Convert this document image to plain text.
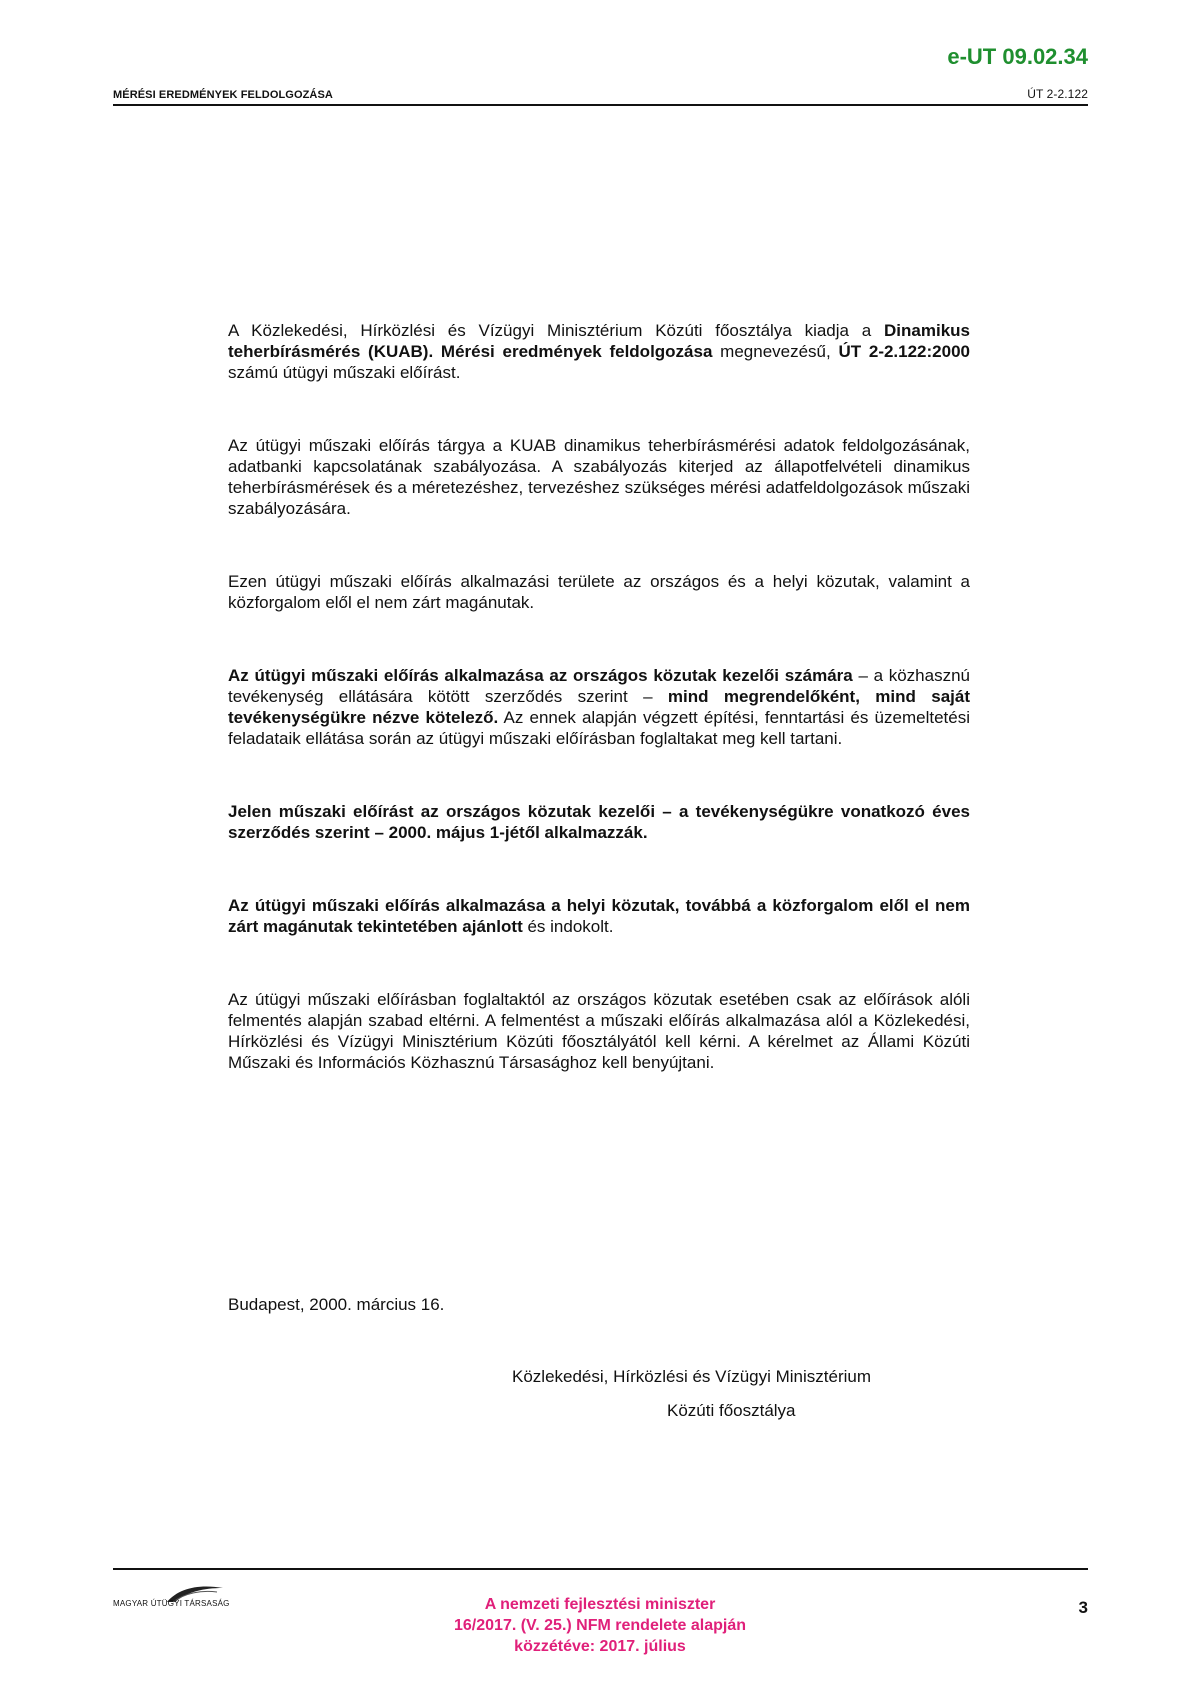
e-UT 09.02.34
MÉRÉSI EREDMÉNYEK FELDOLGOZÁSA	ÚT 2-2.122

A Közlekedési, Hírközlési és Vízügyi Minisztérium Közúti főosztálya kiadja a Dinamikus teherbírásmérés (KUAB). Mérési eredmények feldolgozása megnevezésű, ÚT 2-2.122:2000 számú útügyi műszaki előírást.

Az útügyi műszaki előírás tárgya a KUAB dinamikus teherbírásmérési adatok feldolgozásának, adatbanki kapcsolatának szabályozása. A szabályozás kiterjed az állapotfelvételi dinamikus teherbírásmérések és a méretezéshez, tervezéshez szükséges mérési adatfeldolgozások műszaki szabályozására.

Ezen útügyi műszaki előírás alkalmazási területe az országos és a helyi közutak, valamint a közforgalom elől el nem zárt magánutak.

Az útügyi műszaki előírás alkalmazása az országos közutak kezelői számára – a közhasznú tevékenység ellátására kötött szerződés szerint – mind megrendelőként, mind saját tevékenységükre nézve kötelező. Az ennek alapján végzett építési, fenntartási és üzemeltetési feladataik ellátása során az útügyi műszaki előírásban foglaltakat meg kell tartani.

Jelen műszaki előírást az országos közutak kezelői – a tevékenységükre vonatkozó éves szerződés szerint – 2000. május 1-jétől alkalmazzák.

Az útügyi műszaki előírás alkalmazása a helyi közutak, továbbá a közforgalom elől el nem zárt magánutak tekintetében ajánlott és indokolt.

Az útügyi műszaki előírásban foglaltaktól az országos közutak esetében csak az előírások alóli felmentés alapján szabad eltérni. A felmentést a műszaki előírás alkalmazása alól a Közlekedési, Hírközlési és Vízügyi Minisztérium Közúti főosztályától kell kérni. A kérelmet az Állami Közúti Műszaki és Információs Közhasznú Társasághoz kell benyújtani.

Budapest, 2000. március 16.
Közlekedési, Hírközlési és Vízügyi Minisztérium
Közúti főosztálya
MAGYAR ÚTÜGYI TÁRSASÁG	A nemzeti fejlesztési miniszter
16/2017. (V. 25.) NFM rendelete alapján
közzétéve: 2017. július
3
